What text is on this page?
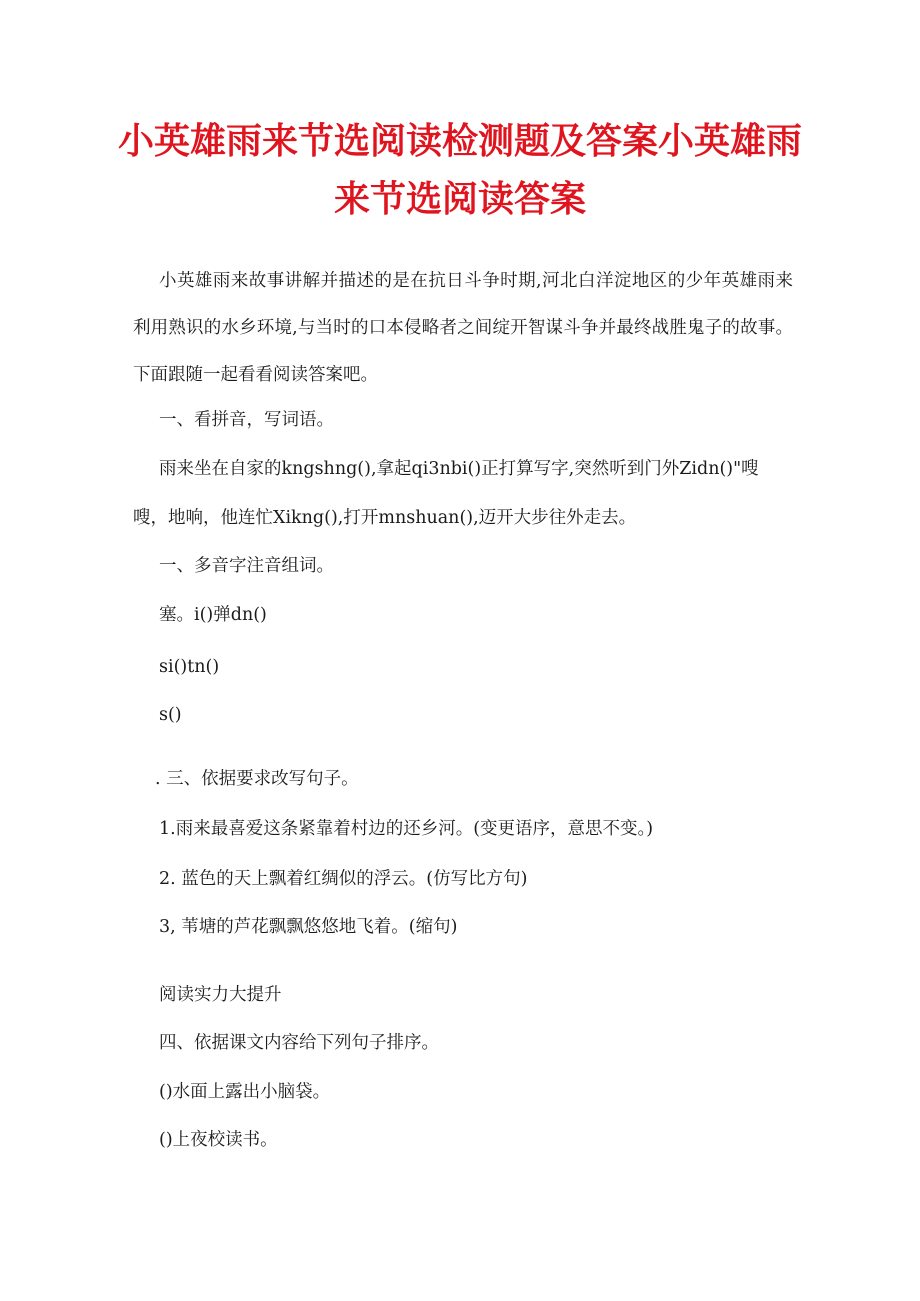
小英雄雨来节选阅读检测题及答案小英雄雨来节选阅读答案

小英雄雨来故事讲解并描述的是在抗日斗争时期,河北白洋淀地区的少年英雄雨来利用熟识的水乡环境,与当时的口本侵略者之间绽开智谋斗争并最终战胜鬼子的故事。下面跟随一起看看阅读答案吧。

一、看拼音，写词语。
雨来坐在自家的kngshng(),拿起qi3nbi()正打算写字,突然听到门外Zidn()"嗖
嗖，地响，他连忙Xikng(),打开mnshuan(),迈开大步往外走去。
一、多音字注音组词。
塞。i()弹dn()
si()tn()
s()
. 三、依据要求改写句子。
1.雨来最喜爱这条紧靠着村边的还乡河。(变更语序，意思不变。)
2. 蓝色的天上飘着红绸似的浮云。(仿写比方句)
3, 苇塘的芦花飘飘悠悠地飞着。(缩句)
阅读实力大提升
四、依据课文内容给下列句子排序。
()水面上露出小脑袋。
()上夜校读书。
